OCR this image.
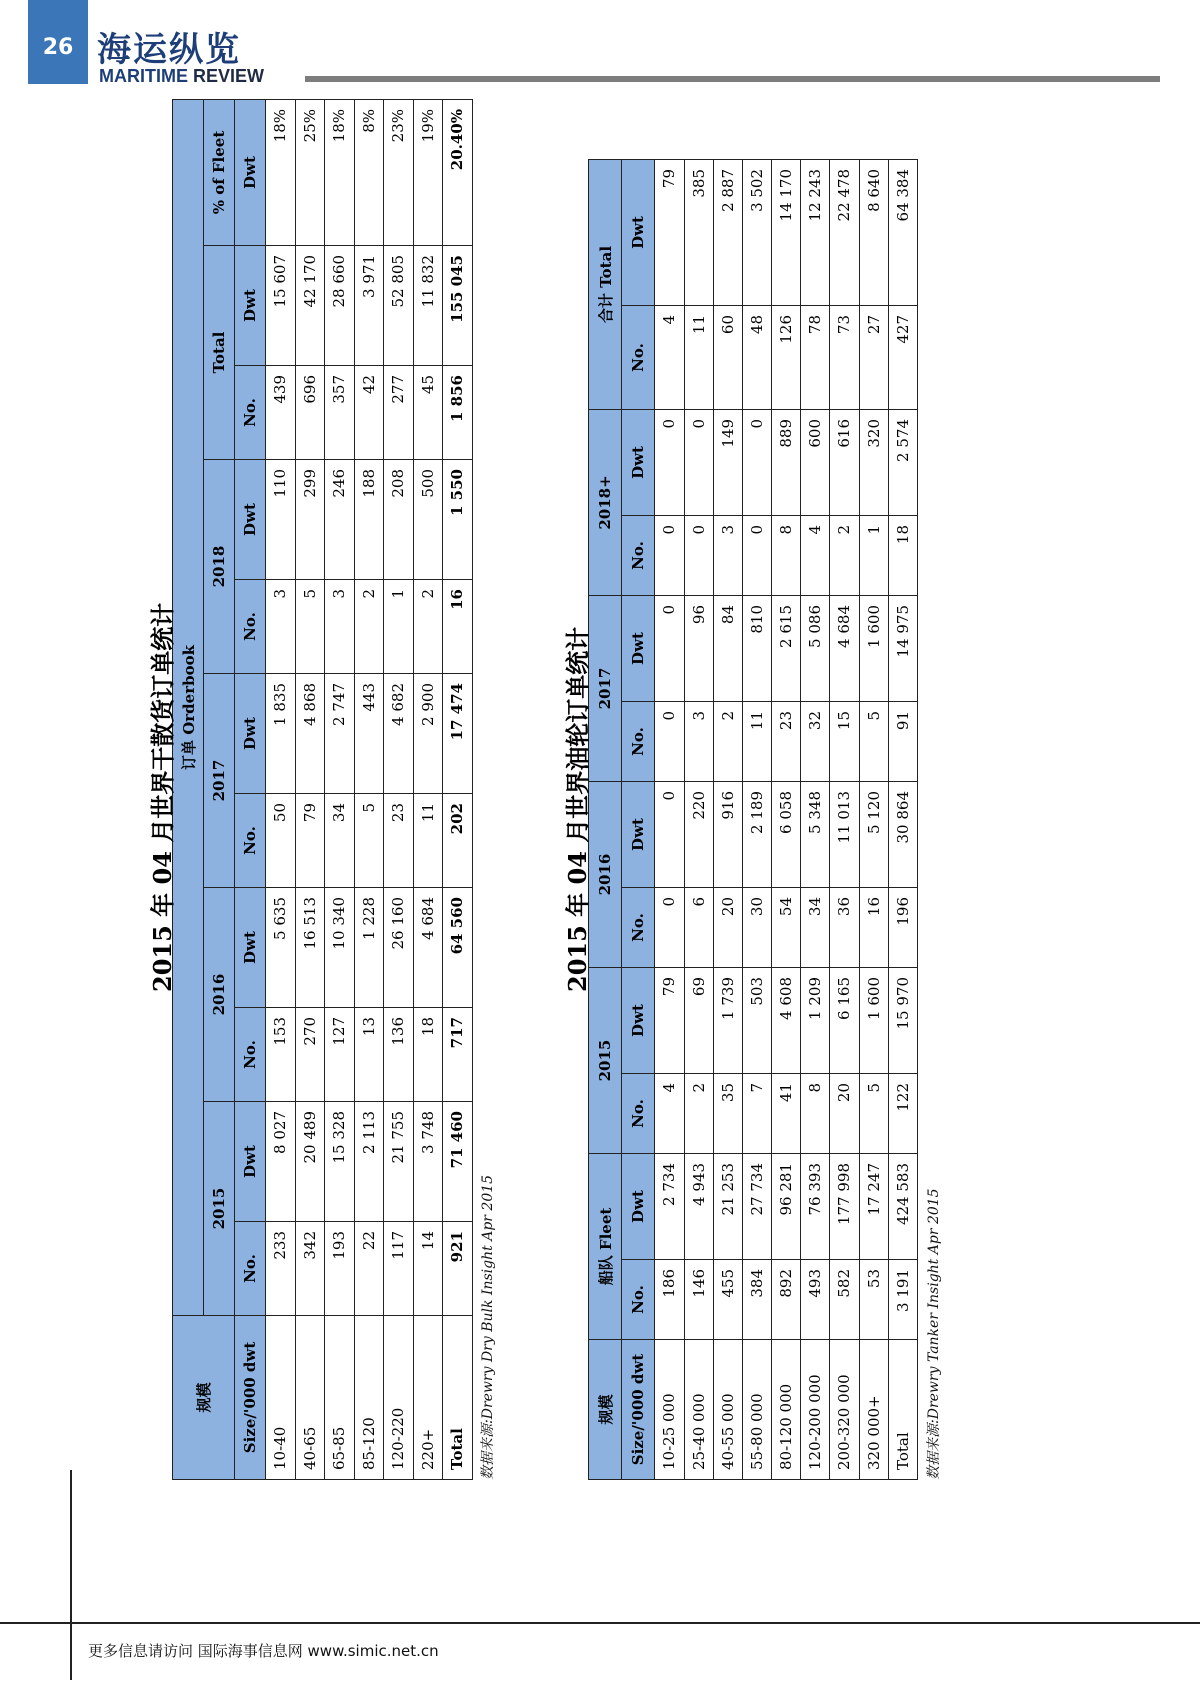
26 海运纵览
MARITIME REVIEW
规模	订单 Orderbook										
	2015		2016		2017		2018		Total		% of Fleet
Size/'000 dwt	No.	Dwt	No.	Dwt	No.	Dwt	No.	Dwt	No.	Dwt	Dwt
10-40	233	8 027	153	5 635	50	1 835	3	110	439	15 607	18%
40-65	342	20 489	270	16 513	79	4 868	5	299	696	42 170	25%
65-85	193	15 328	127	10 340	34	2 747	3	246	357	28 660	18%
85-120	22	2 113	13	1 228	5	443	2	188	42	3 971	8%
120-220	117	21 755	136	26 160	23	4 682	1	208	277	52 805	23%
220+	14	3 748	18	4 684	11	2 900	2	500	45	11 832	19%
Total	921	71 460	717	64 560	202	17 474	16	1 550	1 856	155 045	20.40%
2015 年 04 月世界干散货订单统计
数据来源:Drewry Dry Bulk Insight Apr 2015	规模	船队 Fleet		2015		2016		2017		2018+		合计 Total	
Size/'000 dwt	No.	Dwt	No.	Dwt	No.	Dwt	No.	Dwt	No.	Dwt	No.	Dwt
10-25 000	186	2 734	4	79	0	0	0	0	0	0	4	79
25-40 000	146	4 943	2	69	6	220	3	96	0	0	11	385
40-55 000	455	21 253	35	1 739	20	916	2	84	3	149	60	2 887
55-80 000	384	27 734	7	503	30	2 189	11	810	0	0	48	3 502
80-120 000	892	96 281	41	4 608	54	6 058	23	2 615	8	889	126	14 170
120-200 000	493	76 393	8	1 209	34	5 348	32	5 086	4	600	78	12 243
200-320 000	582	177 998	20	6 165	36	11 013	15	4 684	2	616	73	22 478
320 000+	53	17 247	5	1 600	16	5 120	5	1 600	1	320	27	8 640
Total	3 191	424 583	122	15 970	196	30 864	91	14 975	18	2 574	427	64 384
2015 年 04 月世界油轮订单统计
数据来源:Drewry Tanker Insight Apr 2015
更多信息请访问 国际海事信息网 www.simic.net.cn
